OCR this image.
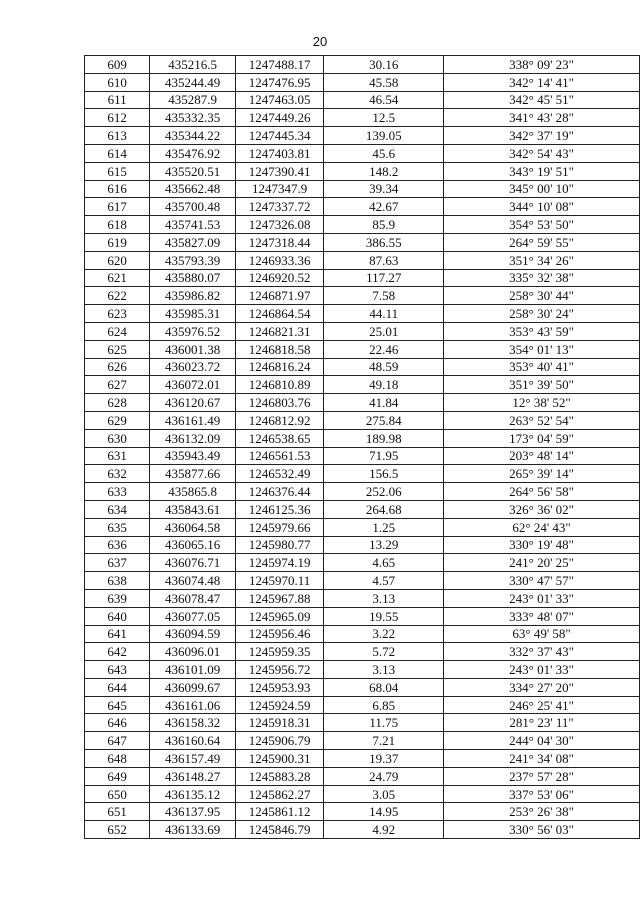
20
609	435216.5	1247488.17	30.16	338° 09' 23"
610	435244.49	1247476.95	45.58	342° 14' 41"
611	435287.9	1247463.05	46.54	342° 45' 51"
612	435332.35	1247449.26	12.5	341° 43' 28"
613	435344.22	1247445.34	139.05	342° 37' 19"
614	435476.92	1247403.81	45.6	342° 54' 43"
615	435520.51	1247390.41	148.2	343° 19' 51"
616	435662.48	1247347.9	39.34	345° 00' 10"
617	435700.48	1247337.72	42.67	344° 10' 08"
618	435741.53	1247326.08	85.9	354° 53' 50"
619	435827.09	1247318.44	386.55	264° 59' 55"
620	435793.39	1246933.36	87.63	351° 34' 26"
621	435880.07	1246920.52	117.27	335° 32' 38"
622	435986.82	1246871.97	7.58	258° 30' 44"
623	435985.31	1246864.54	44.11	258° 30' 24"
624	435976.52	1246821.31	25.01	353° 43' 59"
625	436001.38	1246818.58	22.46	354° 01' 13"
626	436023.72	1246816.24	48.59	353° 40' 41"
627	436072.01	1246810.89	49.18	351° 39' 50"
628	436120.67	1246803.76	41.84	12° 38' 52"
629	436161.49	1246812.92	275.84	263° 52' 54"
630	436132.09	1246538.65	189.98	173° 04' 59"
631	435943.49	1246561.53	71.95	203° 48' 14"
632	435877.66	1246532.49	156.5	265° 39' 14"
633	435865.8	1246376.44	252.06	264° 56' 58"
634	435843.61	1246125.36	264.68	326° 36' 02"
635	436064.58	1245979.66	1.25	62° 24' 43"
636	436065.16	1245980.77	13.29	330° 19' 48"
637	436076.71	1245974.19	4.65	241° 20' 25"
638	436074.48	1245970.11	4.57	330° 47' 57"
639	436078.47	1245967.88	3.13	243° 01' 33"
640	436077.05	1245965.09	19.55	333° 48' 07"
641	436094.59	1245956.46	3.22	63° 49' 58"
642	436096.01	1245959.35	5.72	332° 37' 43"
643	436101.09	1245956.72	3.13	243° 01' 33"
644	436099.67	1245953.93	68.04	334° 27' 20"
645	436161.06	1245924.59	6.85	246° 25' 41"
646	436158.32	1245918.31	11.75	281° 23' 11"
647	436160.64	1245906.79	7.21	244° 04' 30"
648	436157.49	1245900.31	19.37	241° 34' 08"
649	436148.27	1245883.28	24.79	237° 57' 28"
650	436135.12	1245862.27	3.05	337° 53' 06"
651	436137.95	1245861.12	14.95	253° 26' 38"
652	436133.69	1245846.79	4.92	330° 56' 03"
